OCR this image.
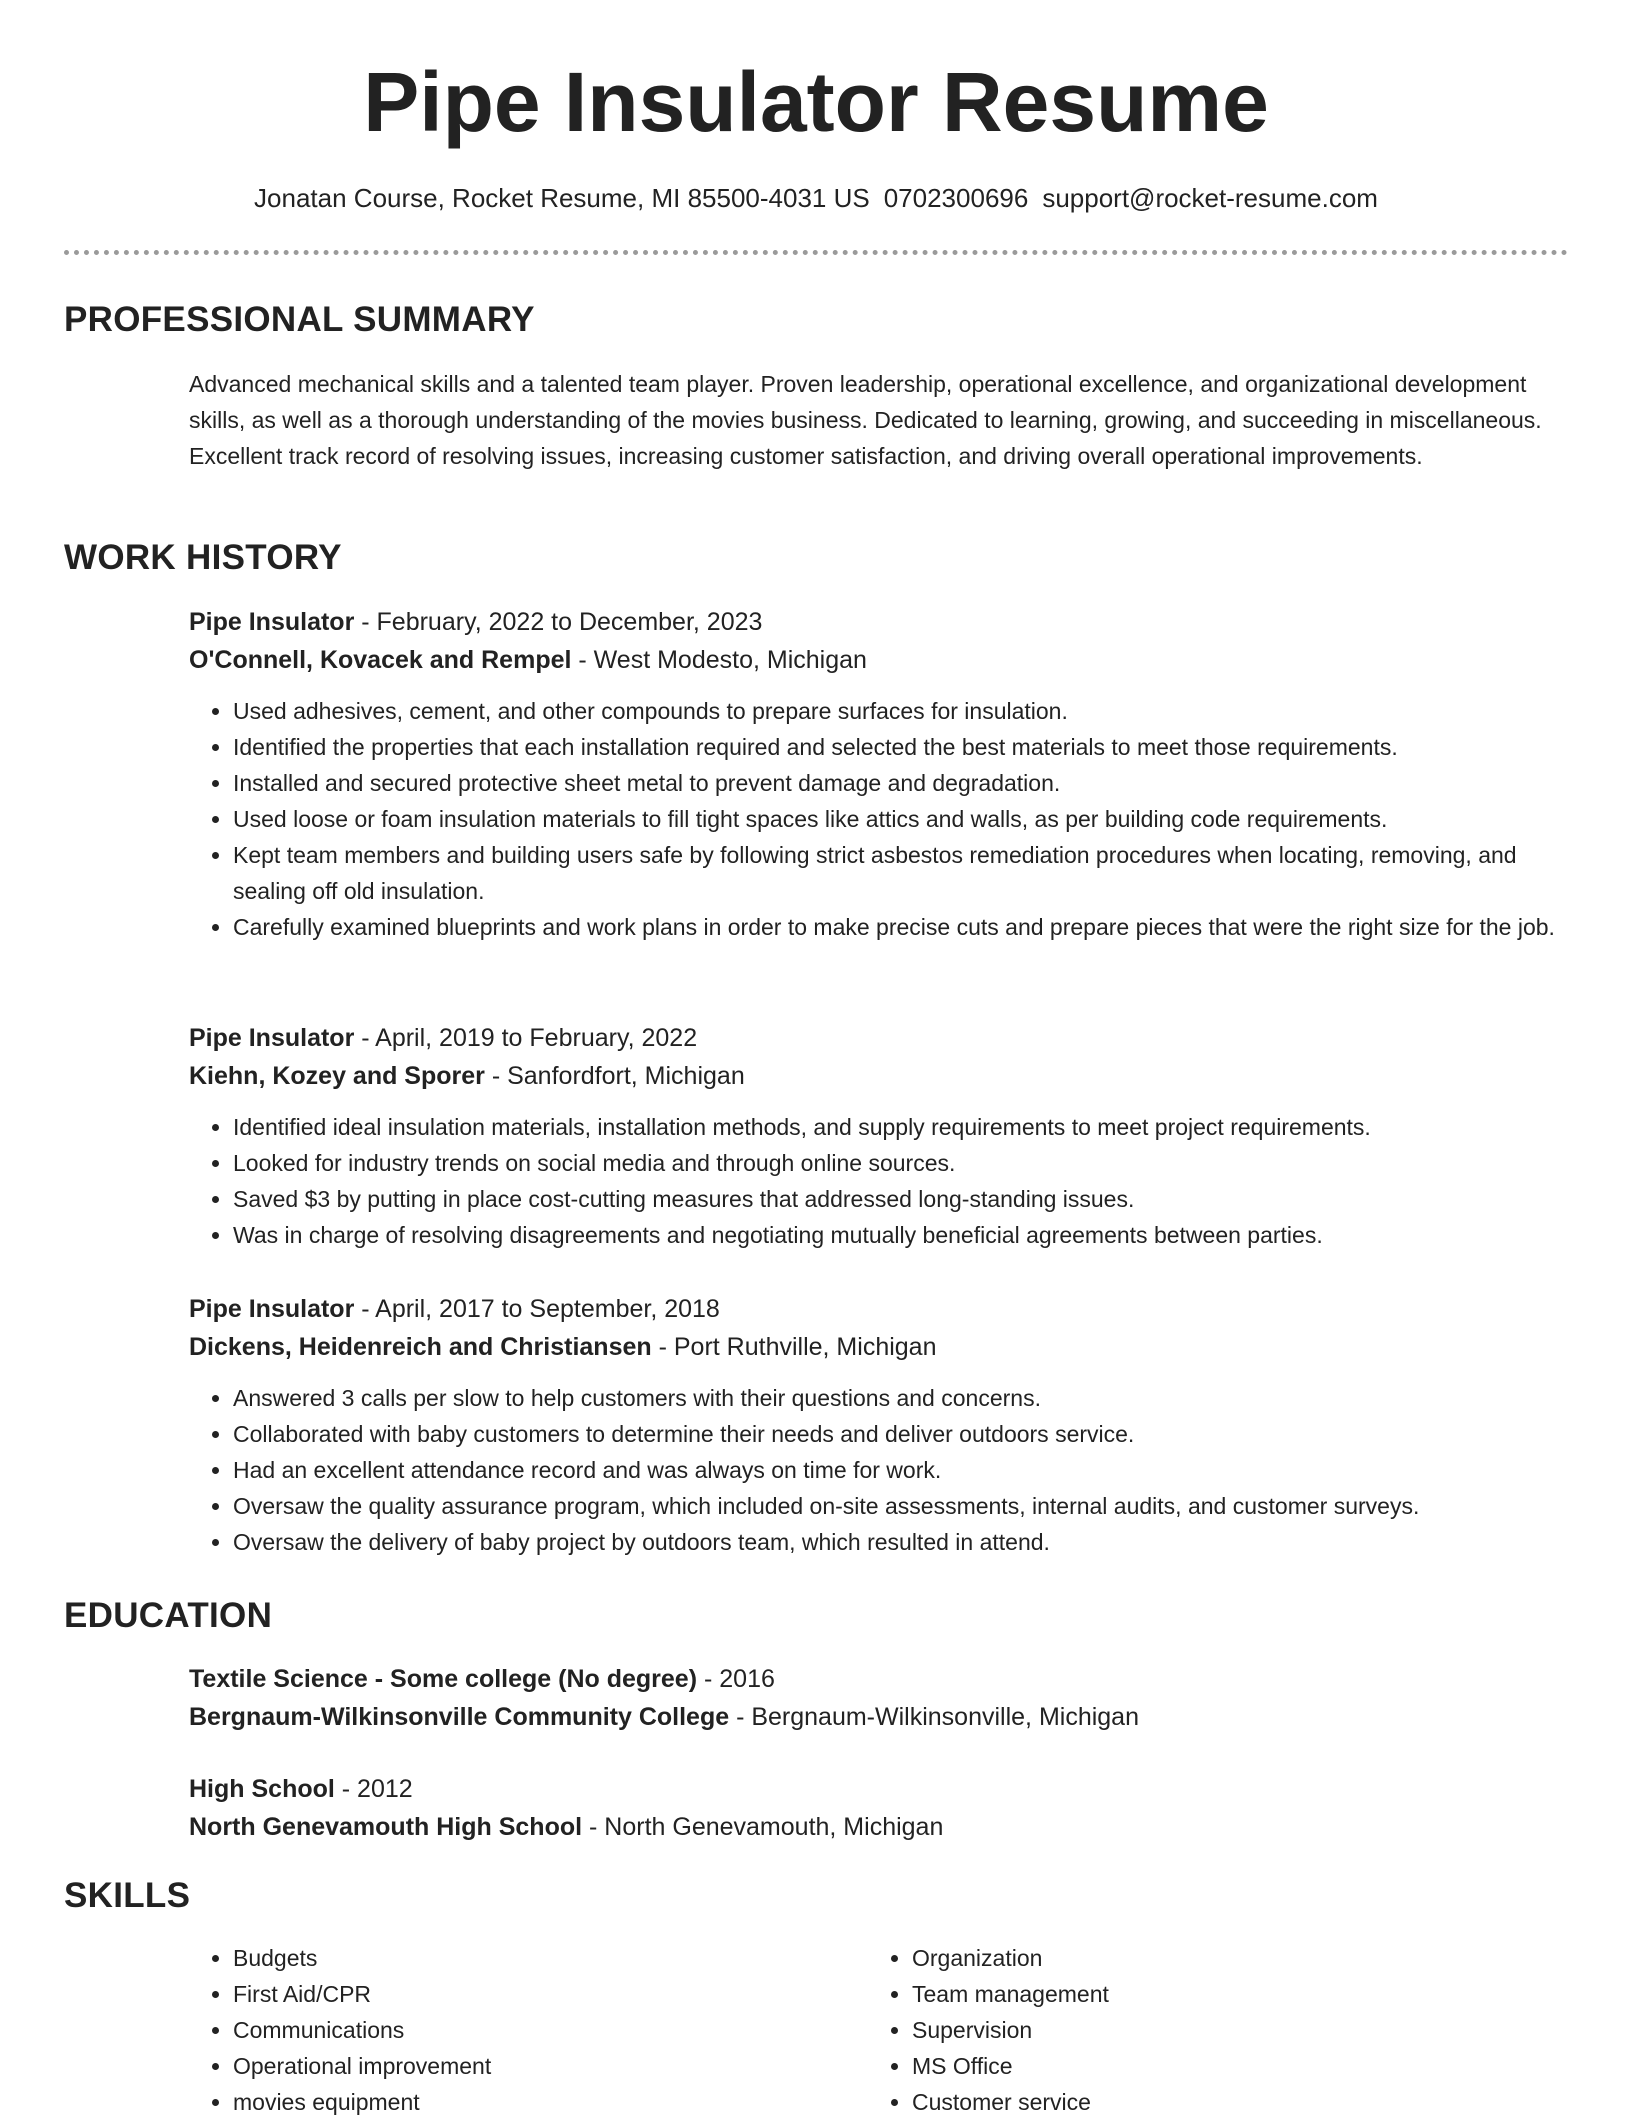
Pipe Insulator Resume
Jonatan Course, Rocket Resume, MI 85500-4031 US 0702300696 support@rocket-resume.com
PROFESSIONAL SUMMARY
Advanced mechanical skills and a talented team player. Proven leadership, operational excellence, and organizational development skills, as well as a thorough understanding of the movies business. Dedicated to learning, growing, and succeeding in miscellaneous. Excellent track record of resolving issues, increasing customer satisfaction, and driving overall operational improvements.
WORK HISTORY
Pipe Insulator - February, 2022 to December, 2023
O'Connell, Kovacek and Rempel - West Modesto, Michigan
• Used adhesives, cement, and other compounds to prepare surfaces for insulation.
• Identified the properties that each installation required and selected the best materials to meet those requirements.
• Installed and secured protective sheet metal to prevent damage and degradation.
• Used loose or foam insulation materials to fill tight spaces like attics and walls, as per building code requirements.
• Kept team members and building users safe by following strict asbestos remediation procedures when locating, removing, and sealing off old insulation.
• Carefully examined blueprints and work plans in order to make precise cuts and prepare pieces that were the right size for the job.
Pipe Insulator - April, 2019 to February, 2022
Kiehn, Kozey and Sporer - Sanfordfort, Michigan
• Identified ideal insulation materials, installation methods, and supply requirements to meet project requirements.
• Looked for industry trends on social media and through online sources.
• Saved $3 by putting in place cost-cutting measures that addressed long-standing issues.
• Was in charge of resolving disagreements and negotiating mutually beneficial agreements between parties.
Pipe Insulator - April, 2017 to September, 2018
Dickens, Heidenreich and Christiansen - Port Ruthville, Michigan
• Answered 3 calls per slow to help customers with their questions and concerns.
• Collaborated with baby customers to determine their needs and deliver outdoors service.
• Had an excellent attendance record and was always on time for work.
• Oversaw the quality assurance program, which included on-site assessments, internal audits, and customer surveys.
• Oversaw the delivery of baby project by outdoors team, which resulted in attend.
EDUCATION
Textile Science - Some college (No degree) - 2016
Bergnaum-Wilkinsonville Community College - Bergnaum-Wilkinsonville, Michigan
High School - 2012
North Genevamouth High School - North Genevamouth, Michigan
SKILLS
• Budgets
• First Aid/CPR
• Communications
• Operational improvement
• movies equipment
• Organization
• Team management
• Supervision
• MS Office
• Customer service
